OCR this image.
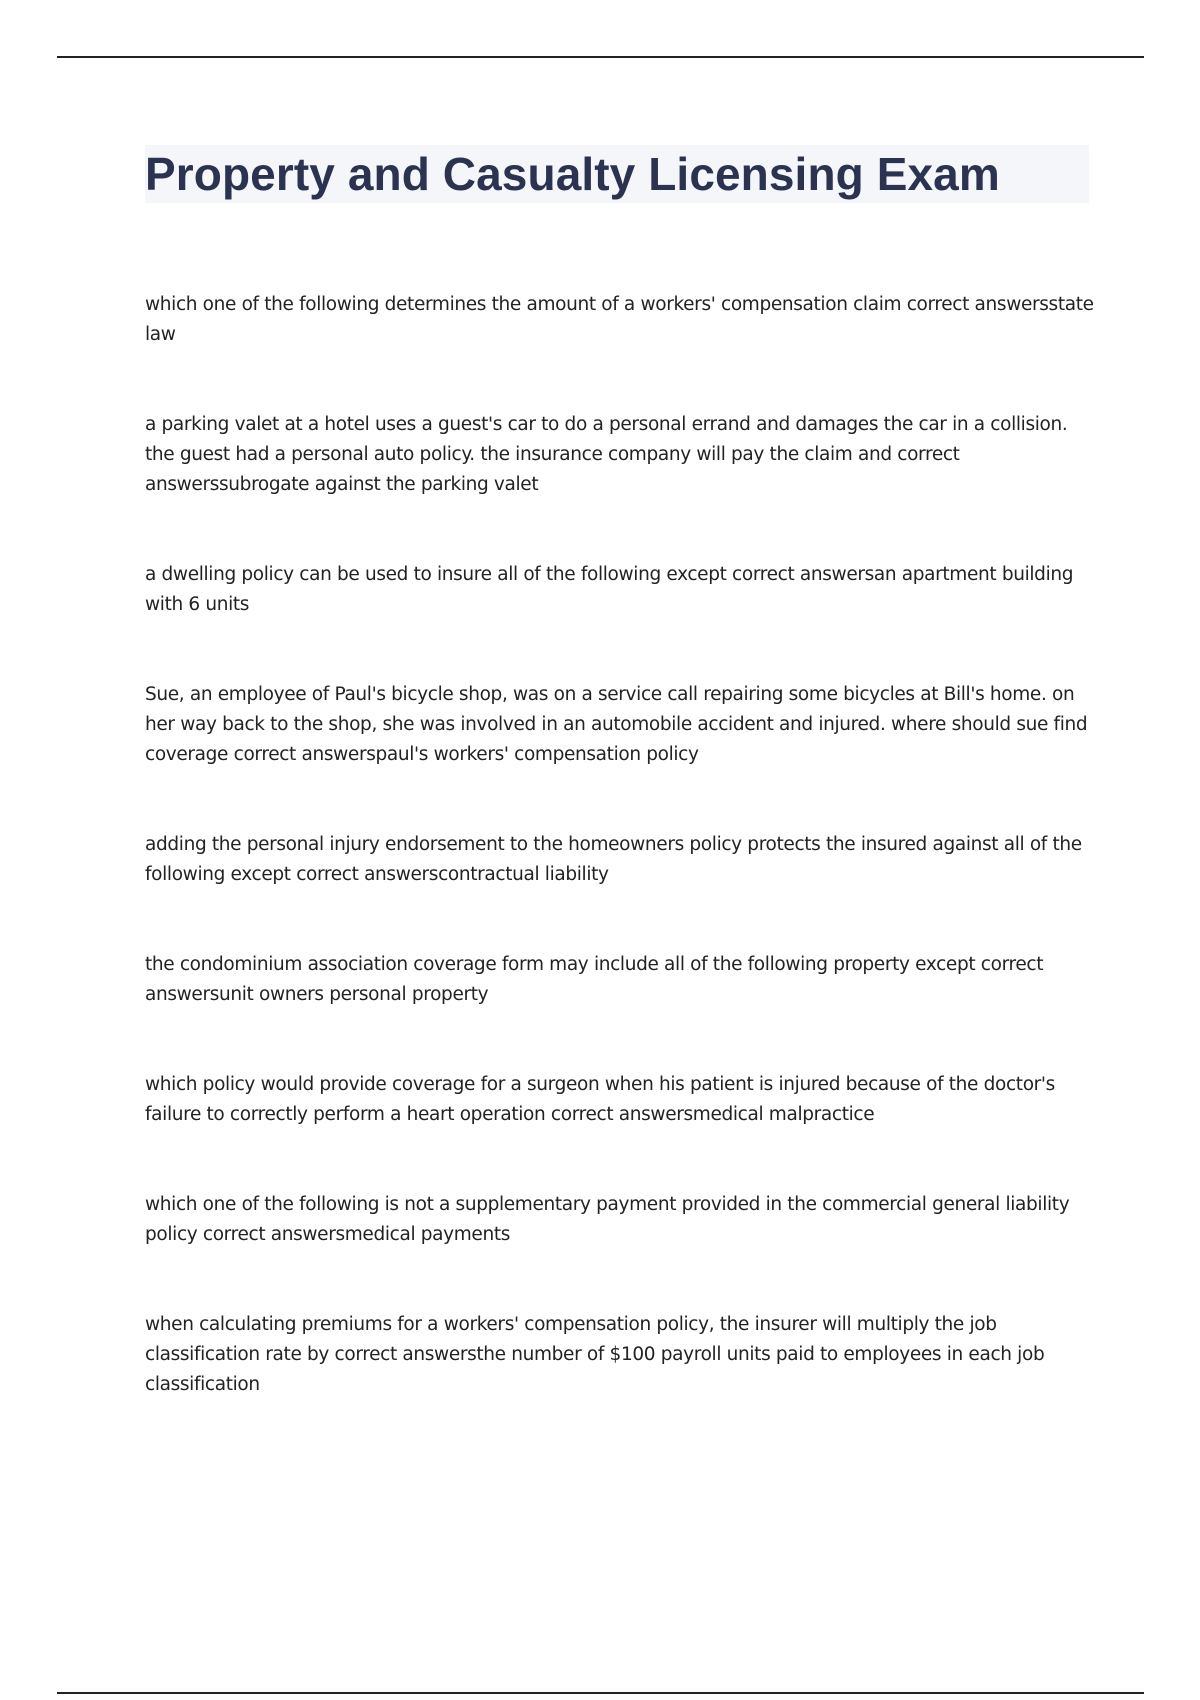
Property and Casualty Licensing Exam

which one of the following determines the amount of a workers' compensation claim correct answersstate law

a parking valet at a hotel uses a guest's car to do a personal errand and damages the car in a collision. the guest had a personal auto policy. the insurance company will pay the claim and correct answerssubrogate against the parking valet

a dwelling policy can be used to insure all of the following except correct answersan apartment building with 6 units

Sue, an employee of Paul's bicycle shop, was on a service call repairing some bicycles at Bill's home. on her way back to the shop, she was involved in an automobile accident and injured. where should sue find coverage correct answerspaul's workers' compensation policy

adding the personal injury endorsement to the homeowners policy protects the insured against all of the following except correct answerscontractual liability

the condominium association coverage form may include all of the following property except correct answersunit owners personal property

which policy would provide coverage for a surgeon when his patient is injured because of the doctor's failure to correctly perform a heart operation correct answersmedical malpractice

which one of the following is not a supplementary payment provided in the commercial general liability policy correct answersmedical payments

when calculating premiums for a workers' compensation policy, the insurer will multiply the job classification rate by correct answersthe number of $100 payroll units paid to employees in each job classification
